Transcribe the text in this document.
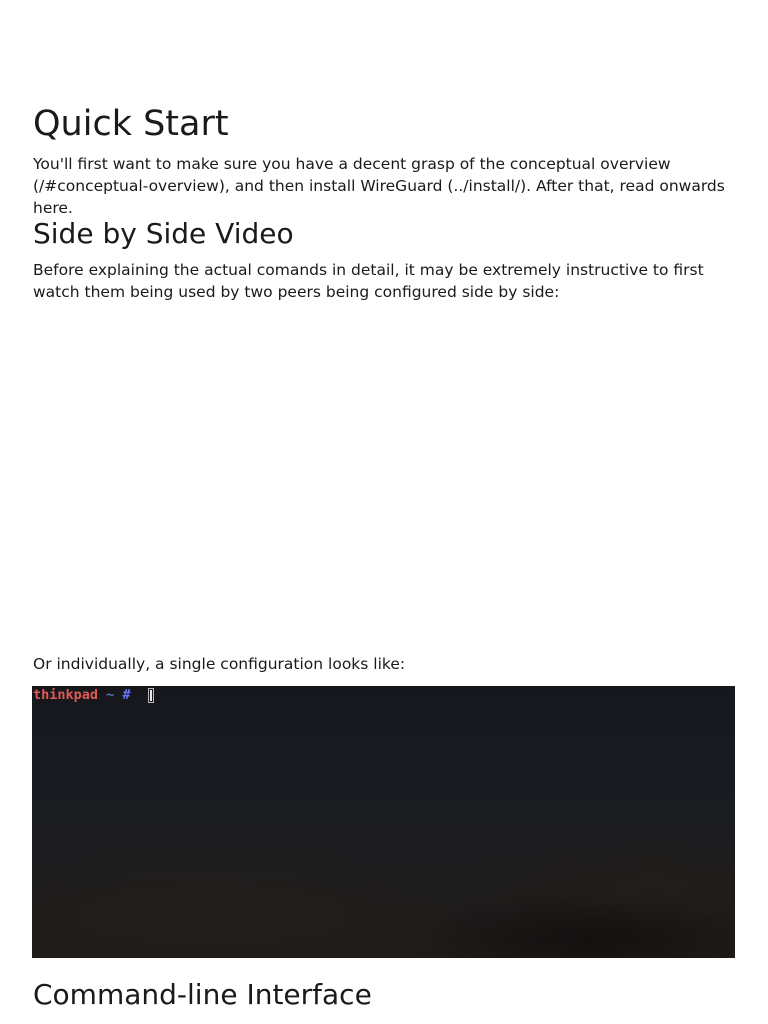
Quick Start

You'll first want to make sure you have a decent grasp of the conceptual overview (/#conceptual-overview), and then install WireGuard (../install/). After that, read onwards here.

Side by Side Video

Before explaining the actual comands in detail, it may be extremely instructive to first watch them being used by two peers being configured side by side:

Or individually, a single configuration looks like:

thinkpad ~ #
Command-line Interface
